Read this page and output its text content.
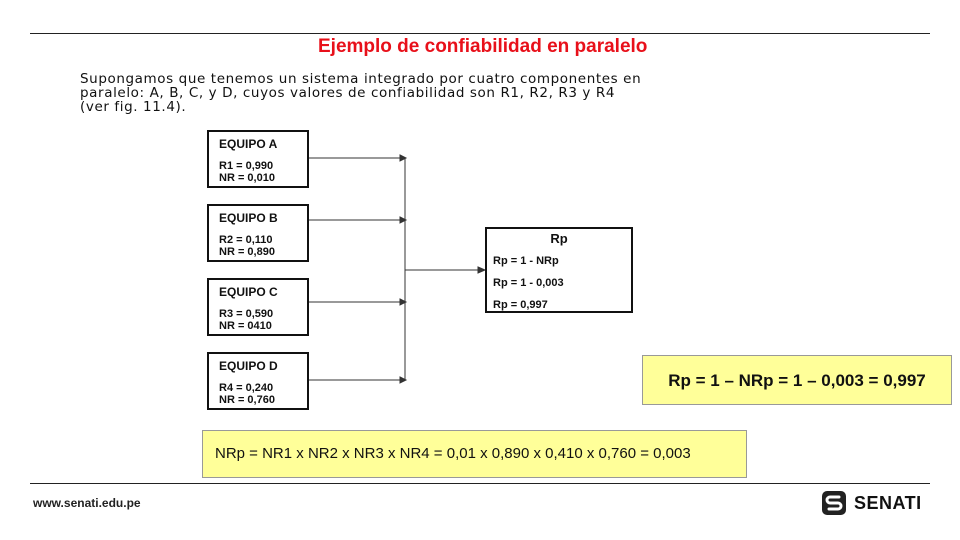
Ejemplo de confiabilidad en paralelo
Supongamos que tenemos un sistema integrado por cuatro componentes en
paralelo: A, B, C, y D, cuyos valores de confiabilidad son R1, R2, R3 y R4
(ver fig. 11.4).
EQUIPO A
R1 = 0,990
NR = 0,010
EQUIPO B
R2 = 0,110
NR = 0,890
EQUIPO C
R3 = 0,590
NR = 0410
EQUIPO D
R4 = 0,240
NR = 0,760
Rp
Rp = 1 - NRp
Rp = 1 - 0,003
Rp = 0,997
Rp = 1 – NRp = 1 – 0,003 = 0,997
NRp = NR1 x NR2 x NR3 x NR4 = 0,01 x 0,890 x 0,410 x 0,760 = 0,003
www.senati.edu.pe	SENATI
